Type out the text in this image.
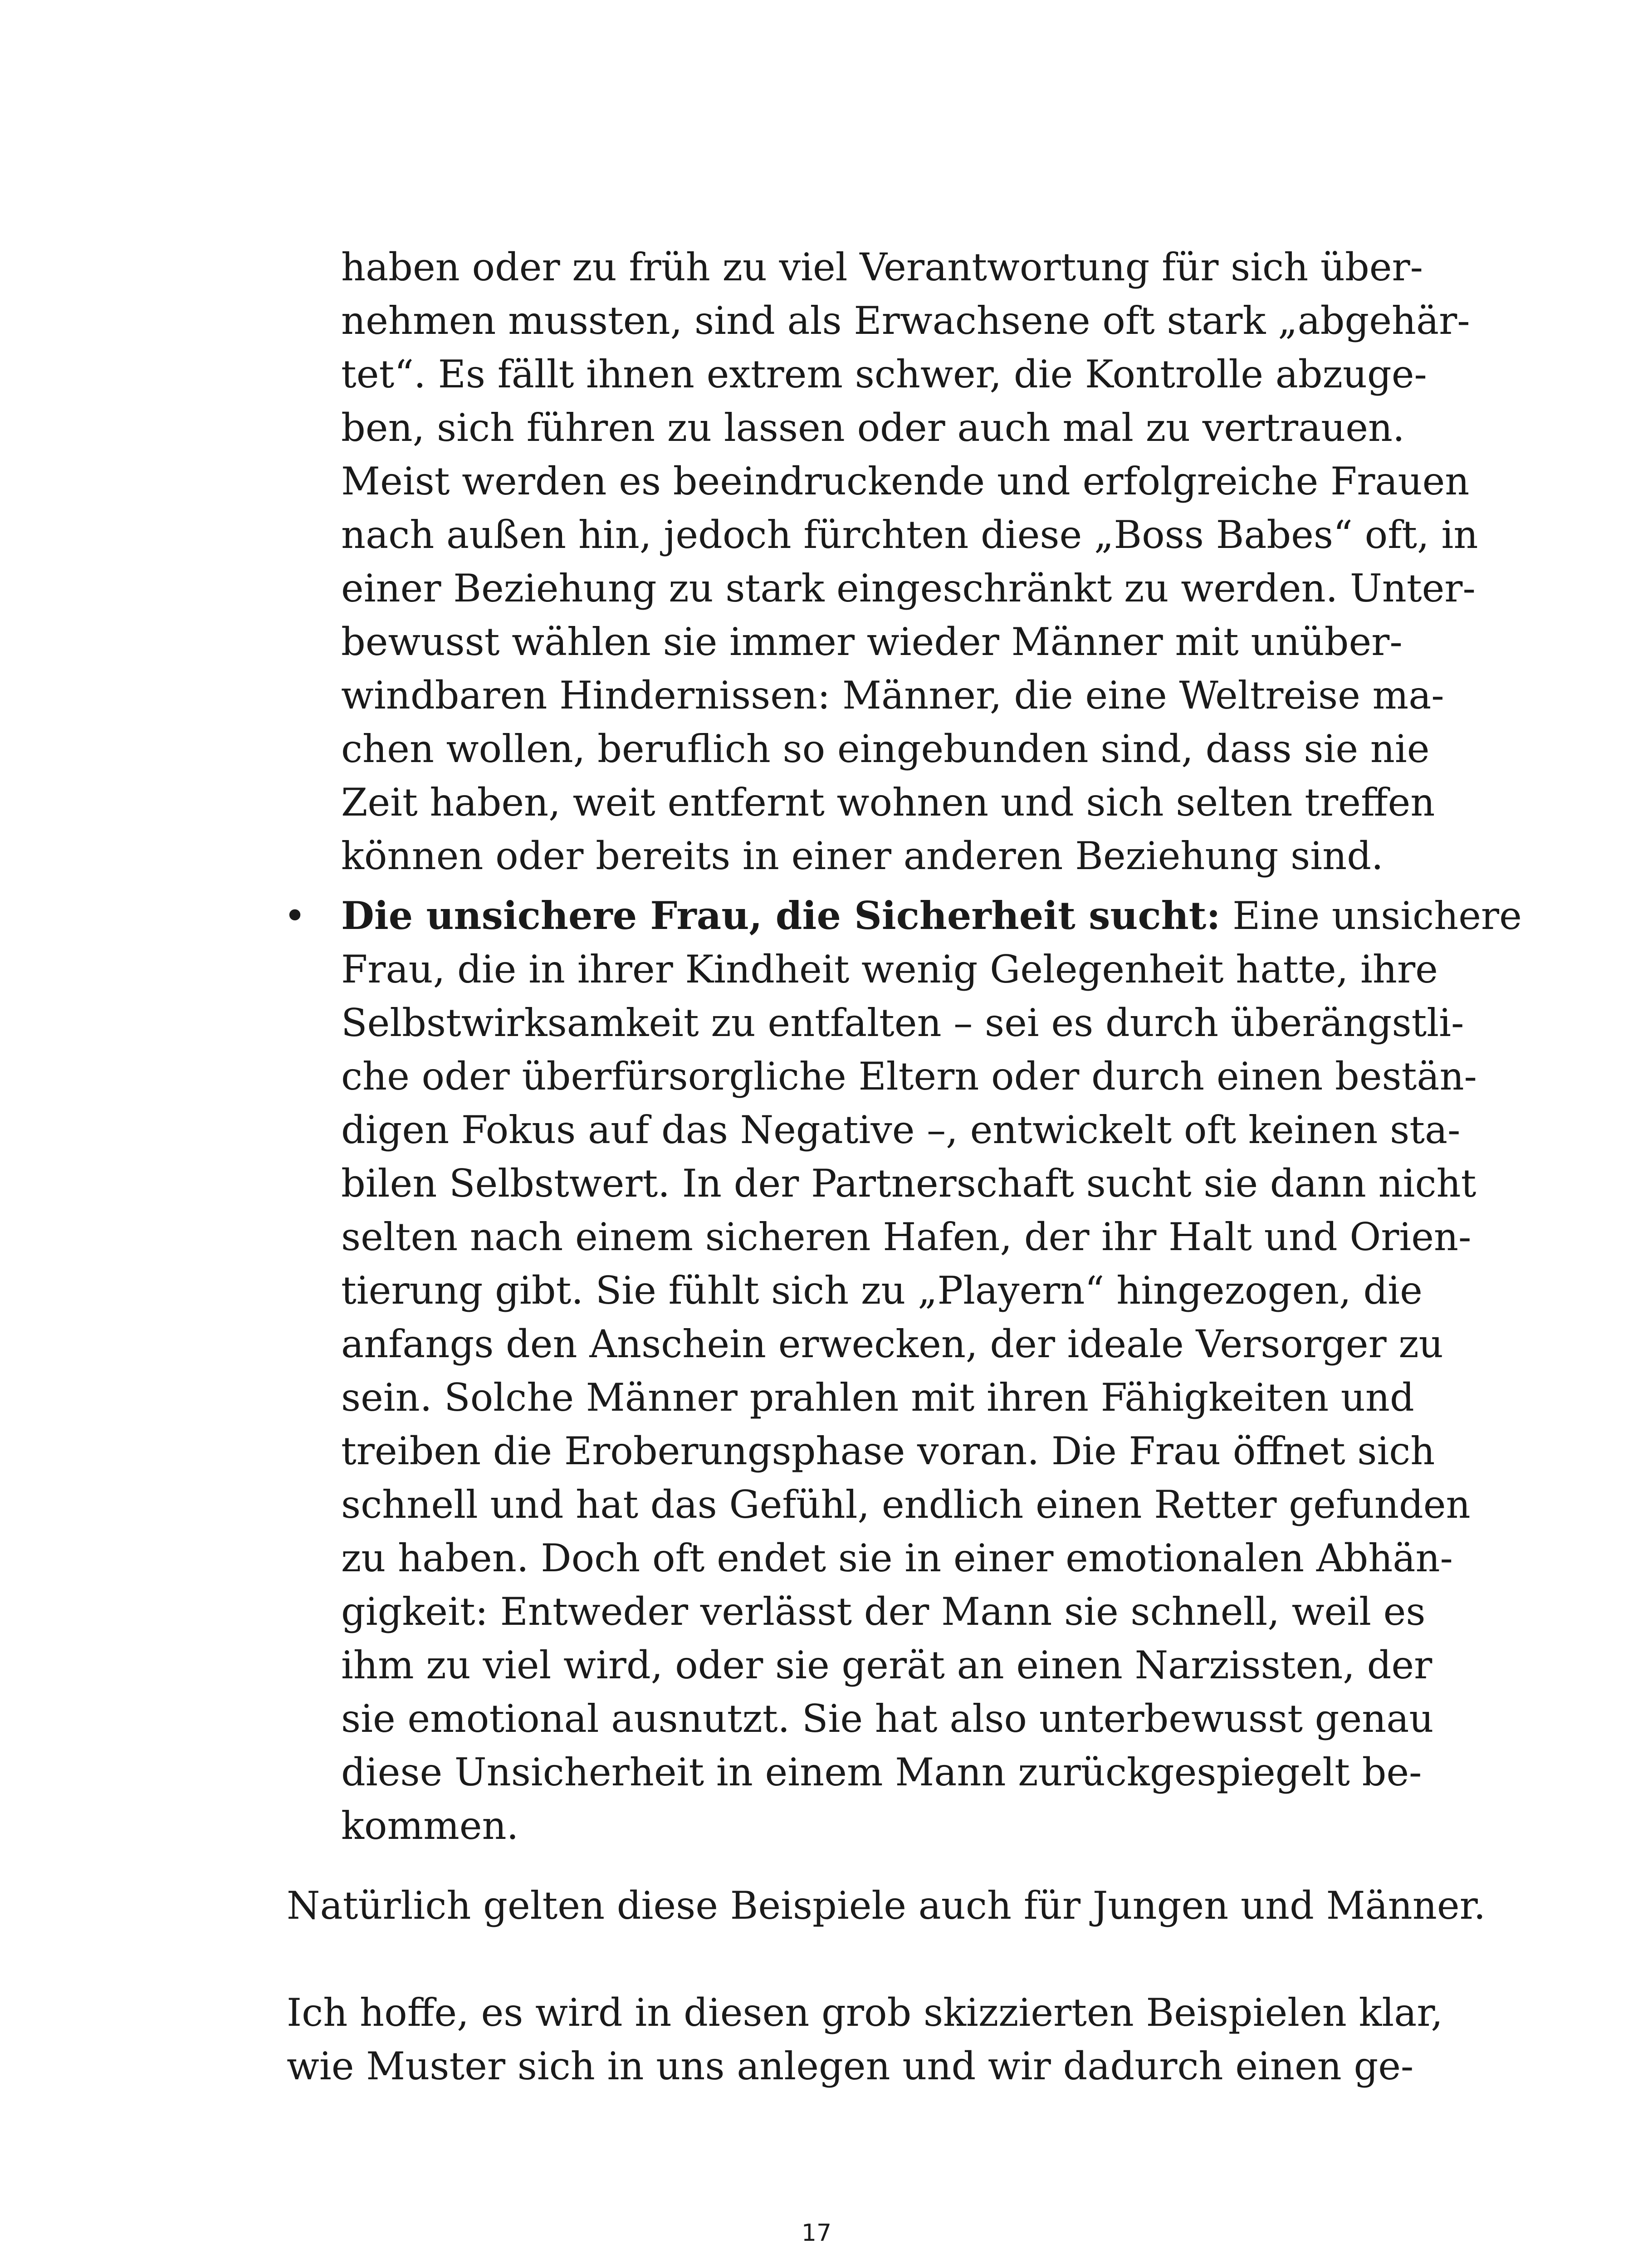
haben oder zu früh zu viel Verantwortung für sich über-
nehmen mussten, sind als Erwachsene oft stark „abgehär-
tet“. Es fällt ihnen extrem schwer, die Kontrolle abzuge-
ben, sich führen zu lassen oder auch mal zu vertrauen.
Meist werden es beeindruckende und erfolgreiche Frauen
nach außen hin, jedoch fürchten diese „Boss Babes“ oft, in
einer Beziehung zu stark eingeschränkt zu werden. Unter-
bewusst wählen sie immer wieder Männer mit unüber-
windbaren Hindernissen: Männer, die eine Weltreise ma-
chen wollen, beruflich so eingebunden sind, dass sie nie
Zeit haben, weit entfernt wohnen und sich selten treffen
können oder bereits in einer anderen Beziehung sind.
• Die unsichere Frau, die Sicherheit sucht: Eine unsichere
Frau, die in ihrer Kindheit wenig Gelegenheit hatte, ihre
Selbstwirksamkeit zu entfalten – sei es durch überängstli-
che oder überfürsorgliche Eltern oder durch einen bestän-
digen Fokus auf das Negative –, entwickelt oft keinen sta-
bilen Selbstwert. In der Partnerschaft sucht sie dann nicht
selten nach einem sicheren Hafen, der ihr Halt und Orien-
tierung gibt. Sie fühlt sich zu „Playern“ hingezogen, die
anfangs den Anschein erwecken, der ideale Versorger zu
sein. Solche Männer prahlen mit ihren Fähigkeiten und
treiben die Eroberungsphase voran. Die Frau öffnet sich
schnell und hat das Gefühl, endlich einen Retter gefunden
zu haben. Doch oft endet sie in einer emotionalen Abhän-
gigkeit: Entweder verlässt der Mann sie schnell, weil es
ihm zu viel wird, oder sie gerät an einen Narzissten, der
sie emotional ausnutzt. Sie hat also unterbewusst genau
diese Unsicherheit in einem Mann zurückgespiegelt be-
kommen.
Natürlich gelten diese Beispiele auch für Jungen und Männer.
Ich hoffe, es wird in diesen grob skizzierten Beispielen klar,
wie Muster sich in uns anlegen und wir dadurch einen ge-
17
